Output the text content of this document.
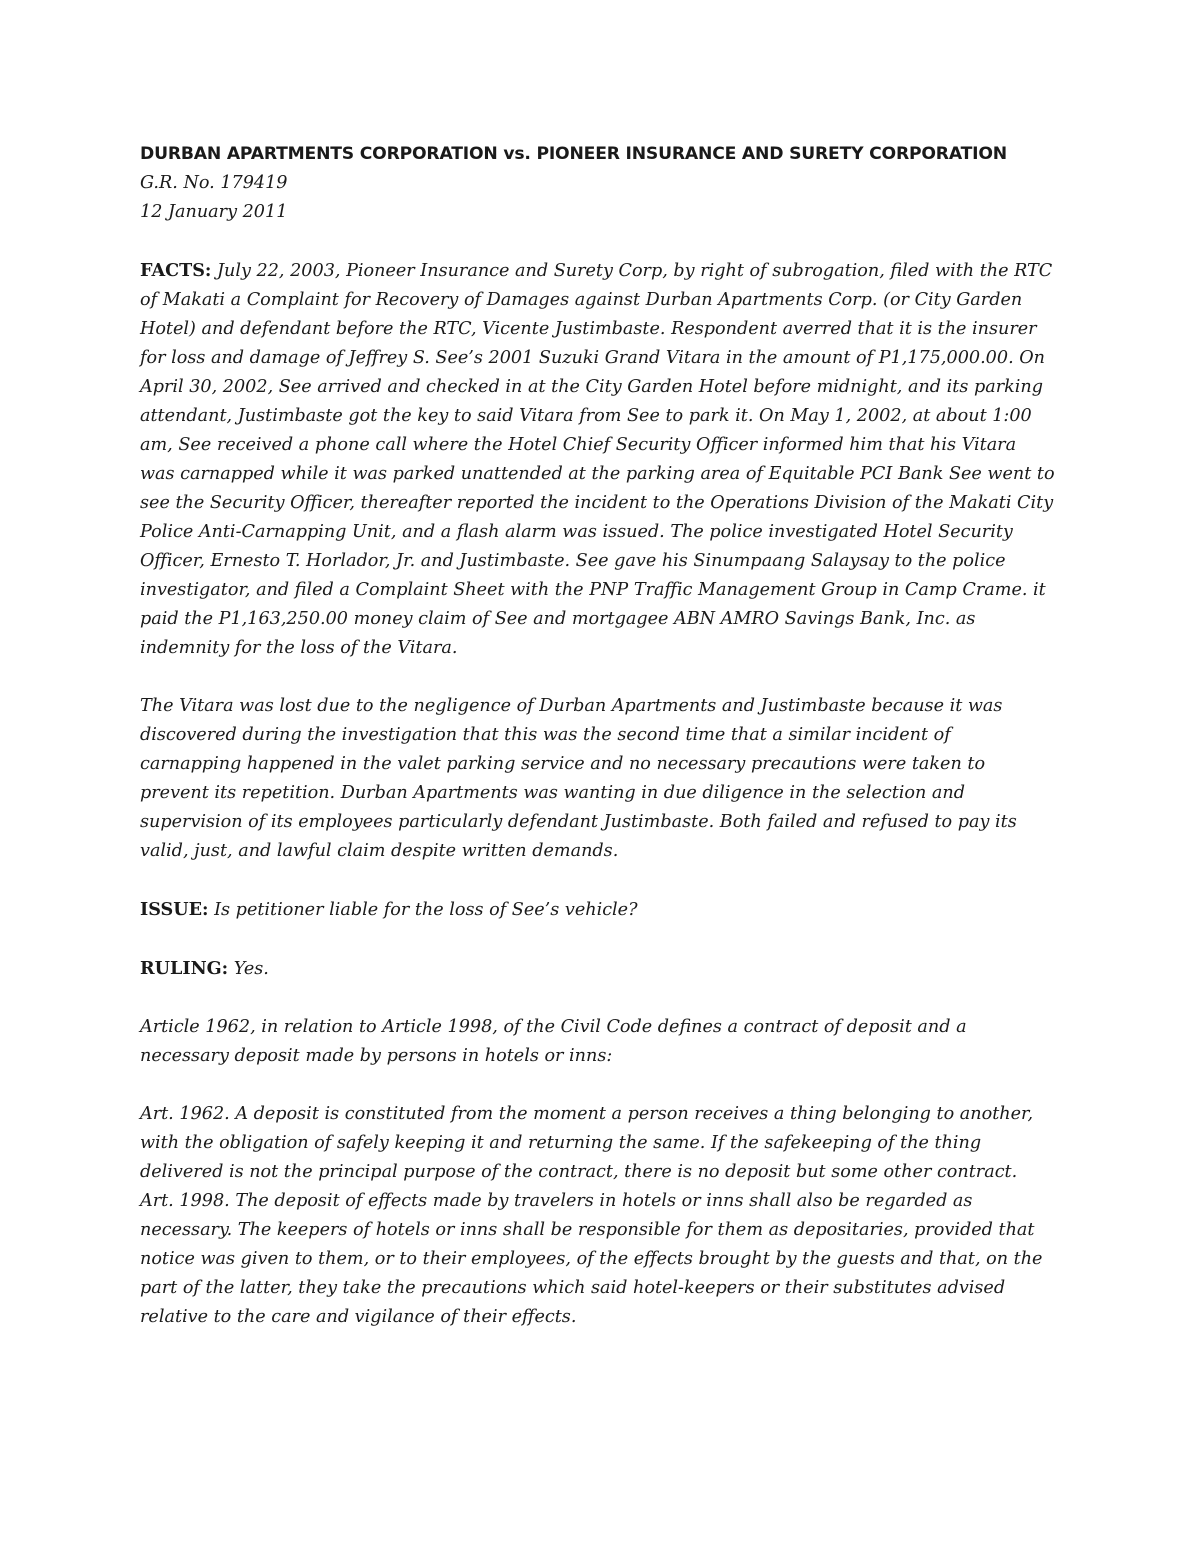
DURBAN APARTMENTS CORPORATION vs. PIONEER INSURANCE AND SURETY CORPORATION

G.R. No. 179419

12 January 2011

FACTS: July 22, 2003, Pioneer Insurance and Surety Corp, by right of subrogation, filed with the RTC of Makati a Complaint for Recovery of Damages against Durban Apartments Corp. (or City Garden Hotel) and defendant before the RTC, Vicente Justimbaste. Respondent averred that it is the insurer for loss and damage of Jeffrey S. See’s 2001 Suzuki Grand Vitara in the amount of P1,175,000.00. On April 30, 2002, See arrived and checked in at the City Garden Hotel before midnight, and its parking attendant, Justimbaste got the key to said Vitara from See to park it. On May 1, 2002, at about 1:00 am, See received a phone call where the Hotel Chief Security Officer informed him that his Vitara was carnapped while it was parked unattended at the parking area of Equitable PCI Bank See went to see the Security Officer, thereafter reported the incident to the Operations Division of the Makati City Police Anti-Carnapping Unit, and a flash alarm was issued. The police investigated Hotel Security Officer, Ernesto T. Horlador, Jr. and Justimbaste. See gave his Sinumpaang Salaysay to the police investigator, and filed a Complaint Sheet with the PNP Traffic Management Group in Camp Crame. it paid the P1,163,250.00 money claim of See and mortgagee ABN AMRO Savings Bank, Inc. as indemnity for the loss of the Vitara.

The Vitara was lost due to the negligence of Durban Apartments and Justimbaste because it was discovered during the investigation that this was the second time that a similar incident of carnapping happened in the valet parking service and no necessary precautions were taken to prevent its repetition. Durban Apartments was wanting in due diligence in the selection and supervision of its employees particularly defendant Justimbaste. Both failed and refused to pay its valid, just, and lawful claim despite written demands.

ISSUE: Is petitioner liable for the loss of See’s vehicle?

RULING: Yes.

Article 1962, in relation to Article 1998, of the Civil Code defines a contract of deposit and a necessary deposit made by persons in hotels or inns:

Art. 1962. A deposit is constituted from the moment a person receives a thing belonging to another, with the obligation of safely keeping it and returning the same. If the safekeeping of the thing delivered is not the principal purpose of the contract, there is no deposit but some other contract.

Art. 1998. The deposit of effects made by travelers in hotels or inns shall also be regarded as necessary. The keepers of hotels or inns shall be responsible for them as depositaries, provided that notice was given to them, or to their employees, of the effects brought by the guests and that, on the part of the latter, they take the precautions which said hotel-keepers or their substitutes advised relative to the care and vigilance of their effects.
